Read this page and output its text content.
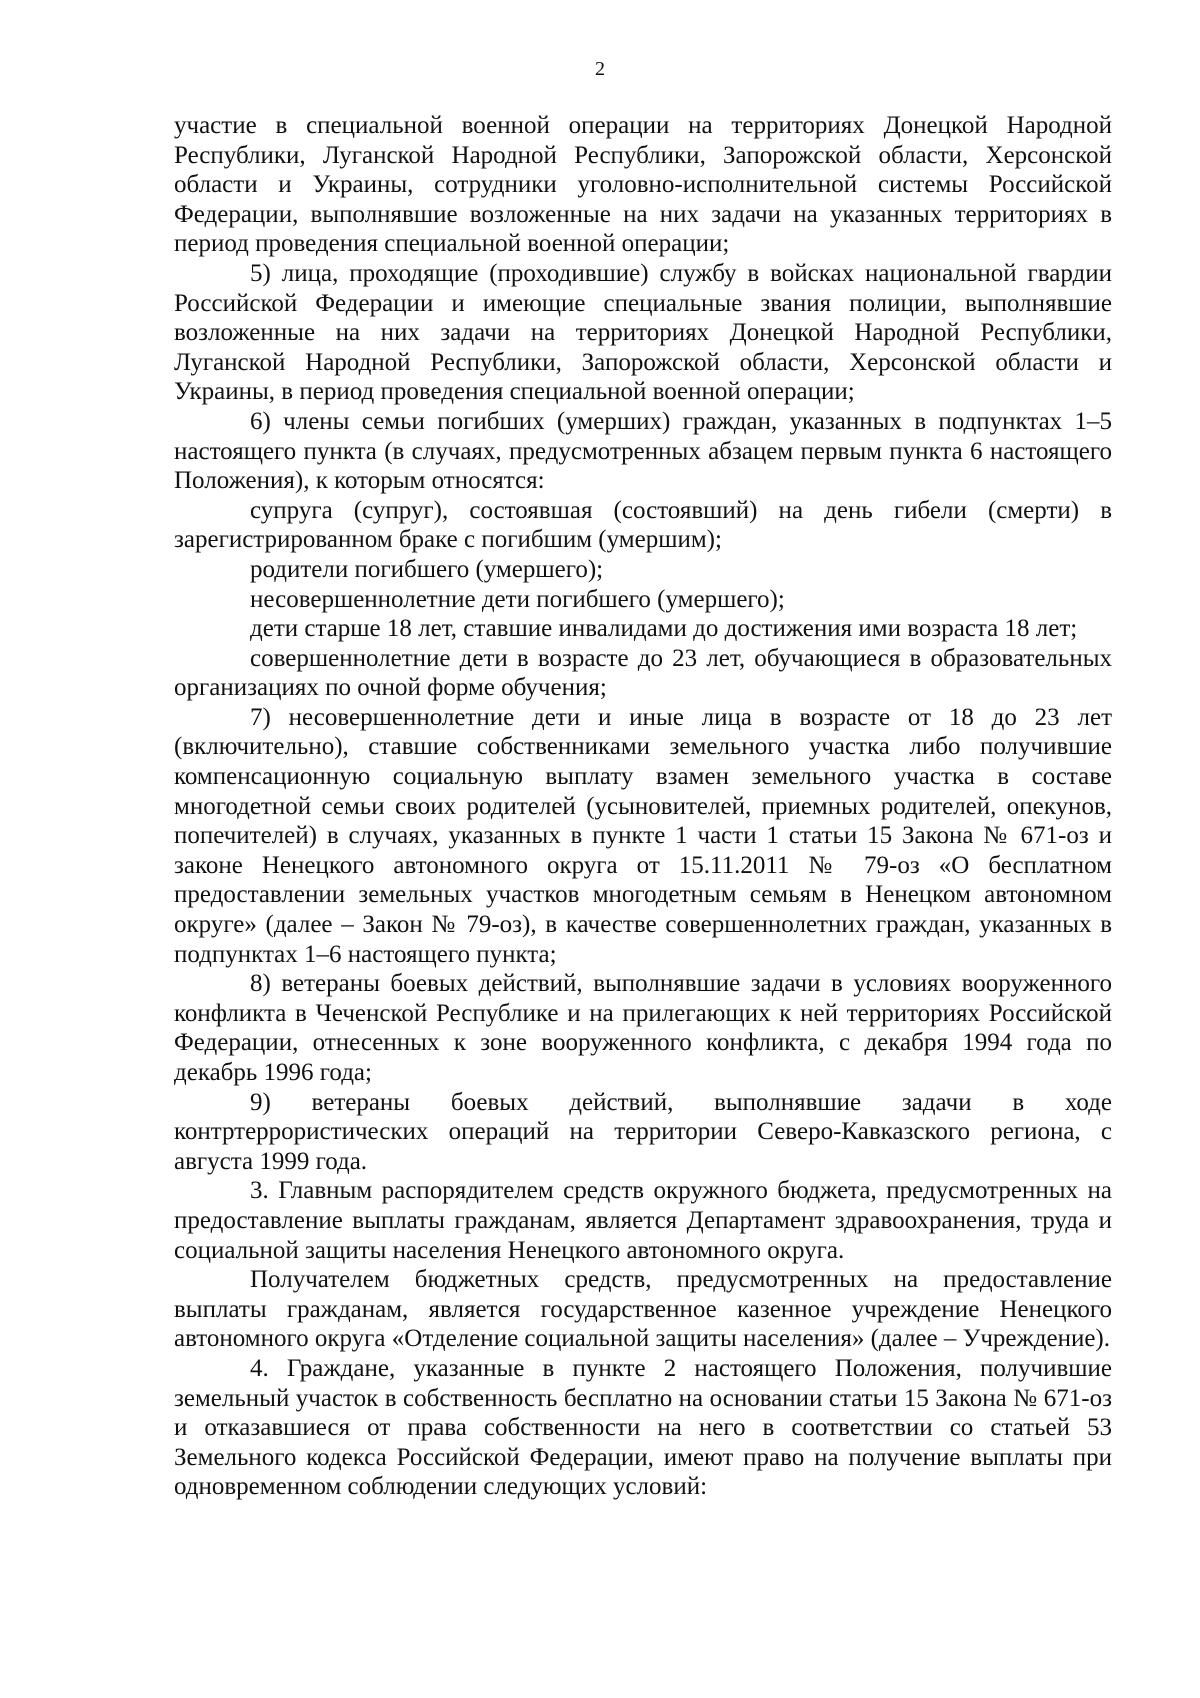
2

участие в специальной военной операции на территориях Донецкой Народной Республики, Луганской Народной Республики, Запорожской области, Херсонской области и Украины, сотрудники уголовно-исполнительной системы Российской Федерации, выполнявшие возложенные на них задачи на указанных территориях в период проведения специальной военной операции;

5) лица, проходящие (проходившие) службу в войсках национальной гвардии Российской Федерации и имеющие специальные звания полиции, выполнявшие возложенные на них задачи на территориях Донецкой Народной Республики, Луганской Народной Республики, Запорожской области, Херсонской области и Украины, в период проведения специальной военной операции;

6) члены семьи погибших (умерших) граждан, указанных в подпунктах 1–5 настоящего пункта (в случаях, предусмотренных абзацем первым пункта 6 настоящего Положения), к которым относятся:

супруга (супруг), состоявшая (состоявший) на день гибели (смерти) в зарегистрированном браке с погибшим (умершим);

родители погибшего (умершего);

несовершеннолетние дети погибшего (умершего);

дети старше 18 лет, ставшие инвалидами до достижения ими возраста 18 лет;

совершеннолетние дети в возрасте до 23 лет, обучающиеся в образовательных организациях по очной форме обучения;

7) несовершеннолетние дети и иные лица в возрасте от 18 до 23 лет (включительно), ставшие собственниками земельного участка либо получившие компенсационную социальную выплату взамен земельного участка в составе многодетной семьи своих родителей (усыновителей, приемных родителей, опекунов, попечителей) в случаях, указанных в пункте 1 части 1 статьи 15 Закона № 671-оз и законе Ненецкого автономного округа от 15.11.2011 № 79-оз «О бесплатном предоставлении земельных участков многодетным семьям в Ненецком автономном округе» (далее – Закон № 79-оз), в качестве совершеннолетних граждан, указанных в подпунктах 1–6 настоящего пункта;

8) ветераны боевых действий, выполнявшие задачи в условиях вооруженного конфликта в Чеченской Республике и на прилегающих к ней территориях Российской Федерации, отнесенных к зоне вооруженного конфликта, с декабря 1994 года по декабрь 1996 года;

9) ветераны боевых действий, выполнявшие задачи в ходе контртеррористических операций на территории Северо-Кавказского региона, с августа 1999 года.

3. Главным распорядителем средств окружного бюджета, предусмотренных на предоставление выплаты гражданам, является Департамент здравоохранения, труда и социальной защиты населения Ненецкого автономного округа.

Получателем бюджетных средств, предусмотренных на предоставление выплаты гражданам, является государственное казенное учреждение Ненецкого автономного округа «Отделение социальной защиты населения» (далее – Учреждение).

4. Граждане, указанные в пункте 2 настоящего Положения, получившие земельный участок в собственность бесплатно на основании статьи 15 Закона № 671-оз и отказавшиеся от права собственности на него в соответствии со статьей 53 Земельного кодекса Российской Федерации, имеют право на получение выплаты при одновременном соблюдении следующих условий:
